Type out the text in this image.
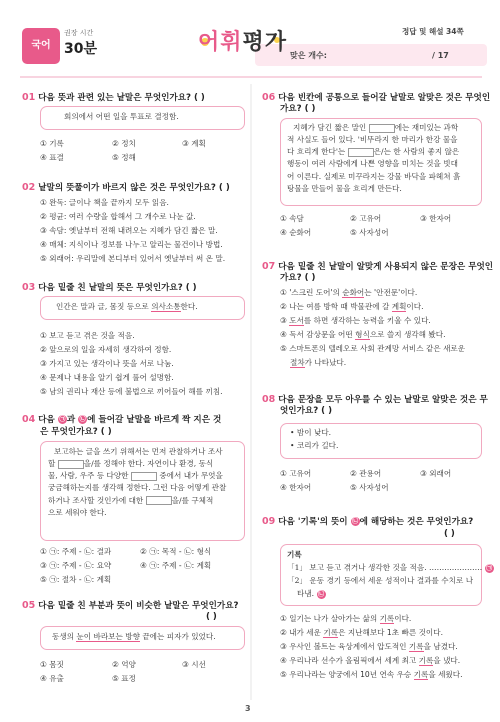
국어
권장 시간
30분	어휘평가	정답 및 해설 34쪽
맞은 개수:	/ 17
01 다음 뜻과 관련 있는 낱말은 무엇인가요? ( )
회의에서 어떤 일을 투표로 결정함.
① 기록	② 정치	③ 계획
④ 표결	⑤ 정해
02 낱말의 뜻풀이가 바르지 않은 것은 무엇인가요? ( )
① 완독: 글이나 책을 끝까지 모두 읽음.
② 평균: 여러 수량을 합해서 그 개수로 나눈 값.
③ 속담: 옛날부터 전해 내려오는 지혜가 담긴 짧은 말.
④ 매체: 지식이나 정보를 나누고 알리는 물건이나 방법.
⑤ 외래어: 우리말에 본디부터 있어서 옛날부터 써 온 말.
03 다음 밑줄 친 낱말의 뜻은 무엇인가요? ( )
인간은 말과 글, 몸짓 등으로 의사소통한다.
① 보고 듣고 겪은 것을 적음.
② 앞으로의 일을 자세히 생각하여 정함.
③ 가지고 있는 생각이나 뜻을 서로 나눔.
④ 문제나 내용을 알기 쉽게 풀어 설명함.
⑤ 남의 권리나 재산 등에 불법으로 끼어들어 해를 끼침.
04 다음 ㉠ 과 ㉡ 에 들어갈 낱말을 바르게 짝 지은 것
은 무엇인가요? ( )
보고하는 글을 쓰기 위해서는 먼저 관찰하거나 조사
할	을/를 정해야 한다. 자연이나 환경, 동식
물, 사람, 우주 등 다양한	중에서 내가 무엇을
궁금해하는지를 생각해 정한다. 그런 다음 어떻게 관찰
하거나 조사할 것인가에 대한	을/를 구체적
으로 세워야 한다.
① ㉠: 주제 - ㉡: 결과	② ㉠: 목적 - ㉡: 형식
③ ㉠: 주제 - ㉡: 요약	④ ㉠: 주제 - ㉡: 계획
⑤ ㉠: 절차 - ㉡: 계획
05 다음 밑줄 친 부분과 뜻이 비슷한 낱말은 무엇인가요?
( )
동생의 눈이 바라보는 방향 끝에는 피자가 있었다.
① 몸짓	② 억양	③ 시선
④ 유출	⑤ 표정
06 다음 빈칸에 공통으로 들어갈 낱말로 알맞은 것은 무엇인
가요? ( )
지혜가 담긴 짧은 말인	에는 재미있는 과학
적 사실도 들어 있다. '비뚜라지 한 마리가 한강 물을
다 흐리게 한다'는	은/는 한 사람의 좋지 않은
행동이 여러 사람에게 나쁜 영향을 미치는 것을 빗대
어 이른다. 실제로 미꾸라지는 강물 바닥을 파헤쳐 흙
탕물을 만들어 물을 흐리게 만든다.
① 속담	② 고유어	③ 한자어
④ 순화어	⑤ 사자성어
07 다음 밑줄 친 낱말이 알맞게 사용되지 않은 문장은 무엇인
가요? ( )
① '스크린 도어'의 순화어는 '안전문'이다.
② 나는 여름 방학 때 박물관에 갈 계획이다.
③ 도서를 하면 생각하는 능력을 키울 수 있다.
④ 독서 감상문을 어떤 형식으로 쓸지 생각해 봤다.
⑤ 스마트폰의 텔레오로 사회 관계망 서비스 같은 새로운
절차가 나타났다.
08 다음 문장을 모두 아우를 수 있는 낱말로 알맞은 것은 무
엇인가요? ( )
• 밤이 낮다.
• 코리가 길다.
① 고유어	② 관용어	③ 외래어
④ 한자어	⑤ 사자성어
09 다음 '기록'의 뜻이 ㉡ 에 해당하는 것은 무엇인가요?
( )
기록
「1」 보고 듣고 겪거나 생각한 것을 적음. ………………… ㉠
「2」 운동 경기 등에서 세운 성적이나 결과를 수치로 나
타냄. ㉡
① 일기는 나가 살아가는 삶의 기록이다.
② 내가 세운 기록은 지난해보다 1초 빠른 것이다.
③ 우사인 볼트는 육상계에서 압도적인 기록을 남겼다.
④ 우리나라 선수가 올림픽에서 세계 최고 기록을 냈다.
⑤ 우리나라는 양궁에서 10년 연속 우승 기록을 세웠다.
3
